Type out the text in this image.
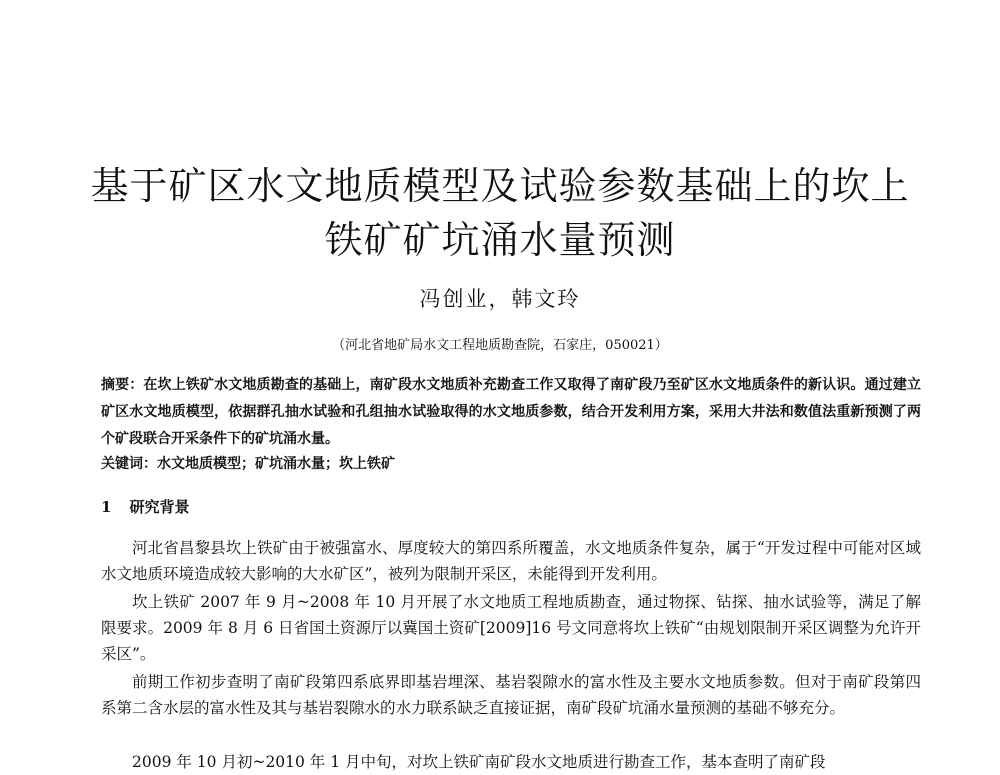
基于矿区水文地质模型及试验参数基础上的坎上
铁矿矿坑涌水量预测
冯创业，韩文玲
（河北省地矿局水文工程地质勘查院，石家庄，050021）
摘要：在坎上铁矿水文地质勘查的基础上，南矿段水文地质补充勘查工作又取得了南矿段乃至矿区水文地质条件的新认识。通过建立矿区水文地质模型，依据群孔抽水试验和孔组抽水试验取得的水文地质参数，结合开发利用方案，采用大井法和数值法重新预测了两个矿段联合开采条件下的矿坑涌水量。
关键词：水文地质模型；矿坑涌水量；坎上铁矿
1 研究背景
河北省昌黎县坎上铁矿由于被强富水、厚度较大的第四系所覆盖，水文地质条件复杂，属于“开发过程中可能对区域水文地质环境造成较大影响的大水矿区”，被列为限制开采区，未能得到开发利用。
坎上铁矿 2007 年 9 月~2008 年 10 月开展了水文地质工程地质勘查，通过物探、钻探、抽水试验等，满足了解限要求。2009 年 8 月 6 日省国土资源厅以冀国土资矿[2009]16 号文同意将坎上铁矿“由规划限制开采区调整为允许开采区”。
前期工作初步查明了南矿段第四系底界即基岩埋深、基岩裂隙水的富水性及主要水文地质参数。但对于南矿段第四系第二含水层的富水性及其与基岩裂隙水的水力联系缺乏直接证据，南矿段矿坑涌水量预测的基础不够充分。
2009 年 10 月初~2010 年 1 月中旬，对坎上铁矿南矿段水文地质进行勘查工作，基本查明了南矿段
